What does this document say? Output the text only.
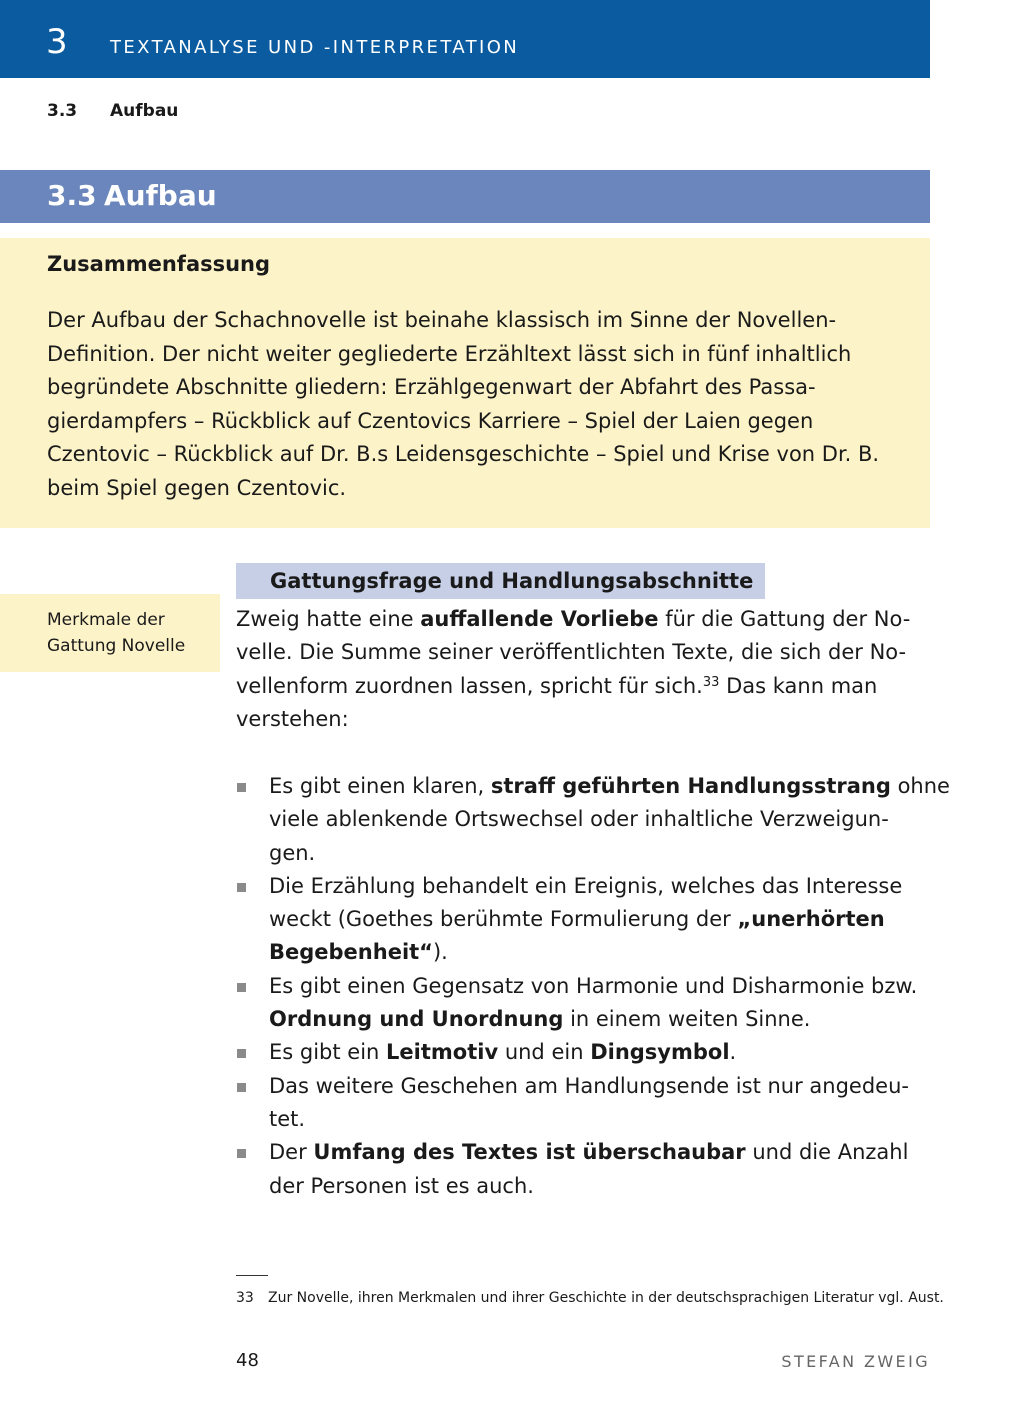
3 TEXTANALYSE UND -INTERPRETATION
3.3 Aufbau
3.3 Aufbau
Zusammenfassung
Der Aufbau der Schachnovelle ist beinahe klassisch im Sinne der Novellen-
Definition. Der nicht weiter gegliederte Erzähltext lässt sich in fünf inhaltlich
begründete Abschnitte gliedern: Erzählgegenwart der Abfahrt des Passa-
gierdampfers – Rückblick auf Czentovics Karriere – Spiel der Laien gegen
Czentovic – Rückblick auf Dr. B.s Leidensgeschichte – Spiel und Krise von Dr. B.
beim Spiel gegen Czentovic.
Merkmale der
Gattung Novelle
Gattungsfrage und Handlungsabschnitte
Zweig hatte eine auffallende Vorliebe für die Gattung der No-
velle. Die Summe seiner veröffentlichten Texte, die sich der No-
vellenform zuordnen lassen, spricht für sich.$^{33}$ Das kann man
verstehen:
Es gibt einen klaren, straff geführten Handlungsstrang ohne
viele ablenkende Ortswechsel oder inhaltliche Verzweigun-
gen.
Die Erzählung behandelt ein Ereignis, welches das Interesse
weckt (Goethes berühmte Formulierung der „unerhörten
Begebenheit“).
Es gibt einen Gegensatz von Harmonie und Disharmonie bzw.
Ordnung und Unordnung in einem weiten Sinne.
Es gibt ein Leitmotiv und ein Dingsymbol.
Das weitere Geschehen am Handlungsende ist nur angedeu-
tet.
Der Umfang des Textes ist überschaubar und die Anzahl
der Personen ist es auch.
33 Zur Novelle, ihren Merkmalen und ihrer Geschichte in der deutschsprachigen Literatur vgl. Aust.
48	STEFAN ZWEIG
